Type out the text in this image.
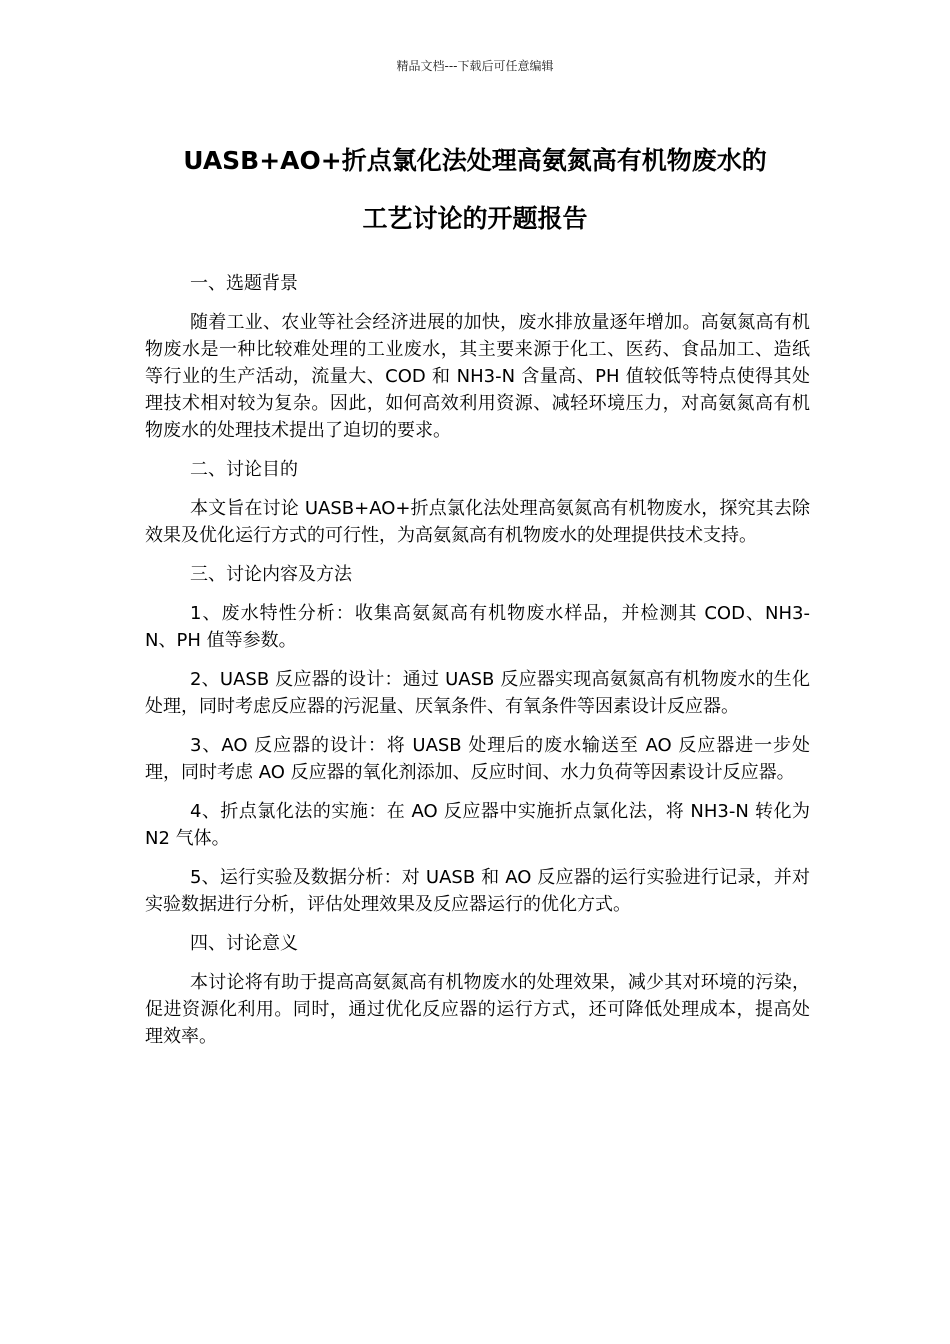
精品文档---下载后可任意编辑
UASB+AO+折点氯化法处理高氨氮高有机物废水的
工艺讨论的开题报告

一、选题背景

随着工业、农业等社会经济进展的加快，废水排放量逐年增加。高氨氮高有机物废水是一种比较难处理的工业废水，其主要来源于化工、医药、食品加工、造纸等行业的生产活动，流量大、COD 和 NH3-N 含量高、PH 值较低等特点使得其处理技术相对较为复杂。因此，如何高效利用资源、减轻环境压力，对高氨氮高有机物废水的处理技术提出了迫切的要求。

二、讨论目的

本文旨在讨论 UASB+AO+折点氯化法处理高氨氮高有机物废水，探究其去除效果及优化运行方式的可行性，为高氨氮高有机物废水的处理提供技术支持。

三、讨论内容及方法

1、废水特性分析：收集高氨氮高有机物废水样品，并检测其 COD、NH3-N、PH 值等参数。

2、UASB 反应器的设计：通过 UASB 反应器实现高氨氮高有机物废水的生化处理，同时考虑反应器的污泥量、厌氧条件、有氧条件等因素设计反应器。

3、AO 反应器的设计：将 UASB 处理后的废水输送至 AO 反应器进一步处理，同时考虑 AO 反应器的氧化剂添加、反应时间、水力负荷等因素设计反应器。

4、折点氯化法的实施：在 AO 反应器中实施折点氯化法，将 NH3-N 转化为 N2 气体。

5、运行实验及数据分析：对 UASB 和 AO 反应器的运行实验进行记录，并对实验数据进行分析，评估处理效果及反应器运行的优化方式。

四、讨论意义

本讨论将有助于提高高氨氮高有机物废水的处理效果，减少其对环境的污染，促进资源化利用。同时，通过优化反应器的运行方式，还可降低处理成本，提高处理效率。
